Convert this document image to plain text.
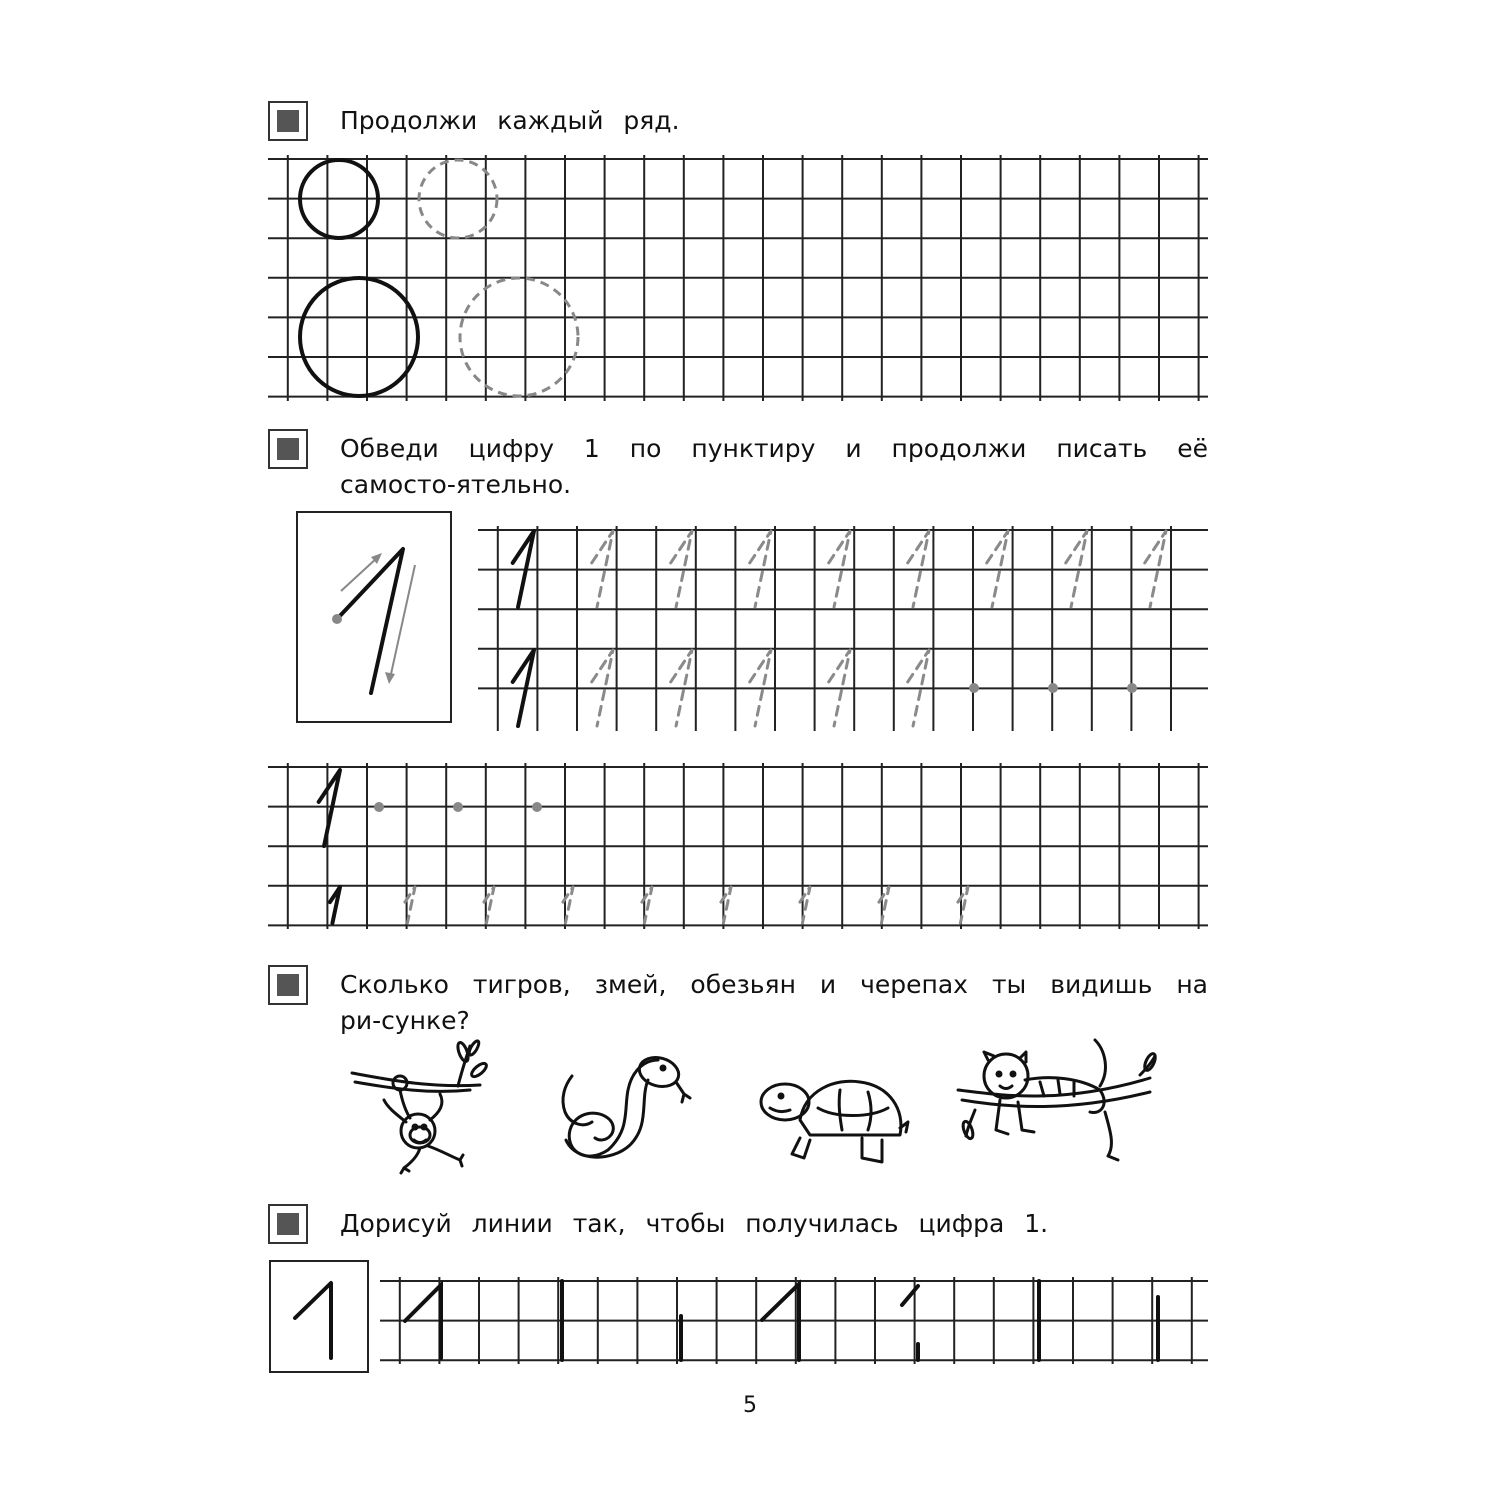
Продолжи каждый ряд.
Обведи цифру 1 по пунктиру и продолжи писать её самосто-ятельно.
Сколько тигров, змей, обезьян и черепах ты видишь на ри-сунке?
Дорисуй линии так, чтобы получилась цифра 1.
5
